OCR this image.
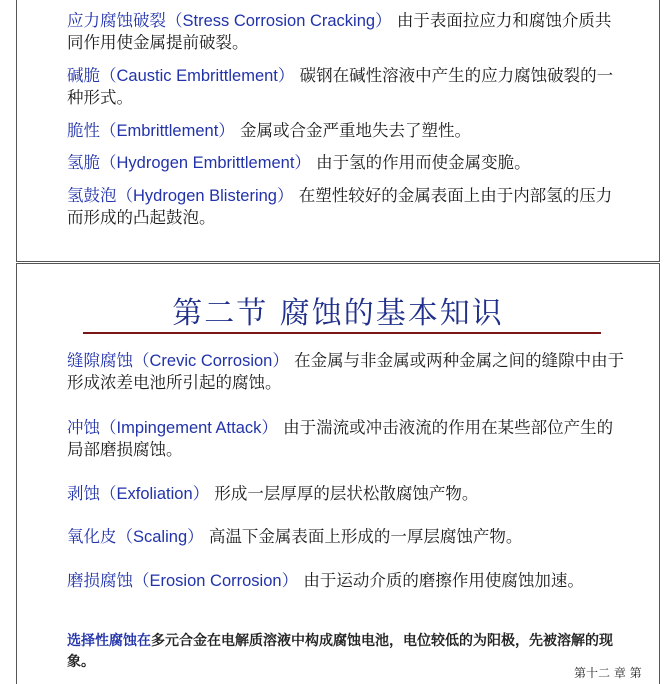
应力腐蚀破裂（Stress Corrosion Cracking） 由于表面拉应力和腐蚀介质共同作用使金属提前破裂。
碱脆（Caustic Embrittlement） 碳钢在碱性溶液中产生的应力腐蚀破裂的一种形式。
脆性（Embrittlement） 金属或合金严重地失去了塑性。
氢脆（Hydrogen Embrittlement） 由于氢的作用而使金属变脆。
氢鼓泡（Hydrogen Blistering） 在塑性较好的金属表面上由于内部氢的压力而形成的凸起鼓泡。
第二节 腐蚀的基本知识
缝隙腐蚀（Crevic Corrosion） 在金属与非金属或两种金属之间的缝隙中由于形成浓差电池所引起的腐蚀。
冲蚀（Impingement Attack） 由于湍流或冲击液流的作用在某些部位产生的局部磨损腐蚀。
剥蚀（Exfoliation） 形成一层厚厚的层状松散腐蚀产物。
氧化皮（Scaling） 高温下金属表面上形成的一厚层腐蚀产物。
磨损腐蚀（Erosion Corrosion） 由于运动介质的磨擦作用使腐蚀加速。
选择性腐蚀在多元合金在电解质溶液中构成腐蚀电池，电位较低的为阳极，先被溶解的现象。
第十二 章 第
